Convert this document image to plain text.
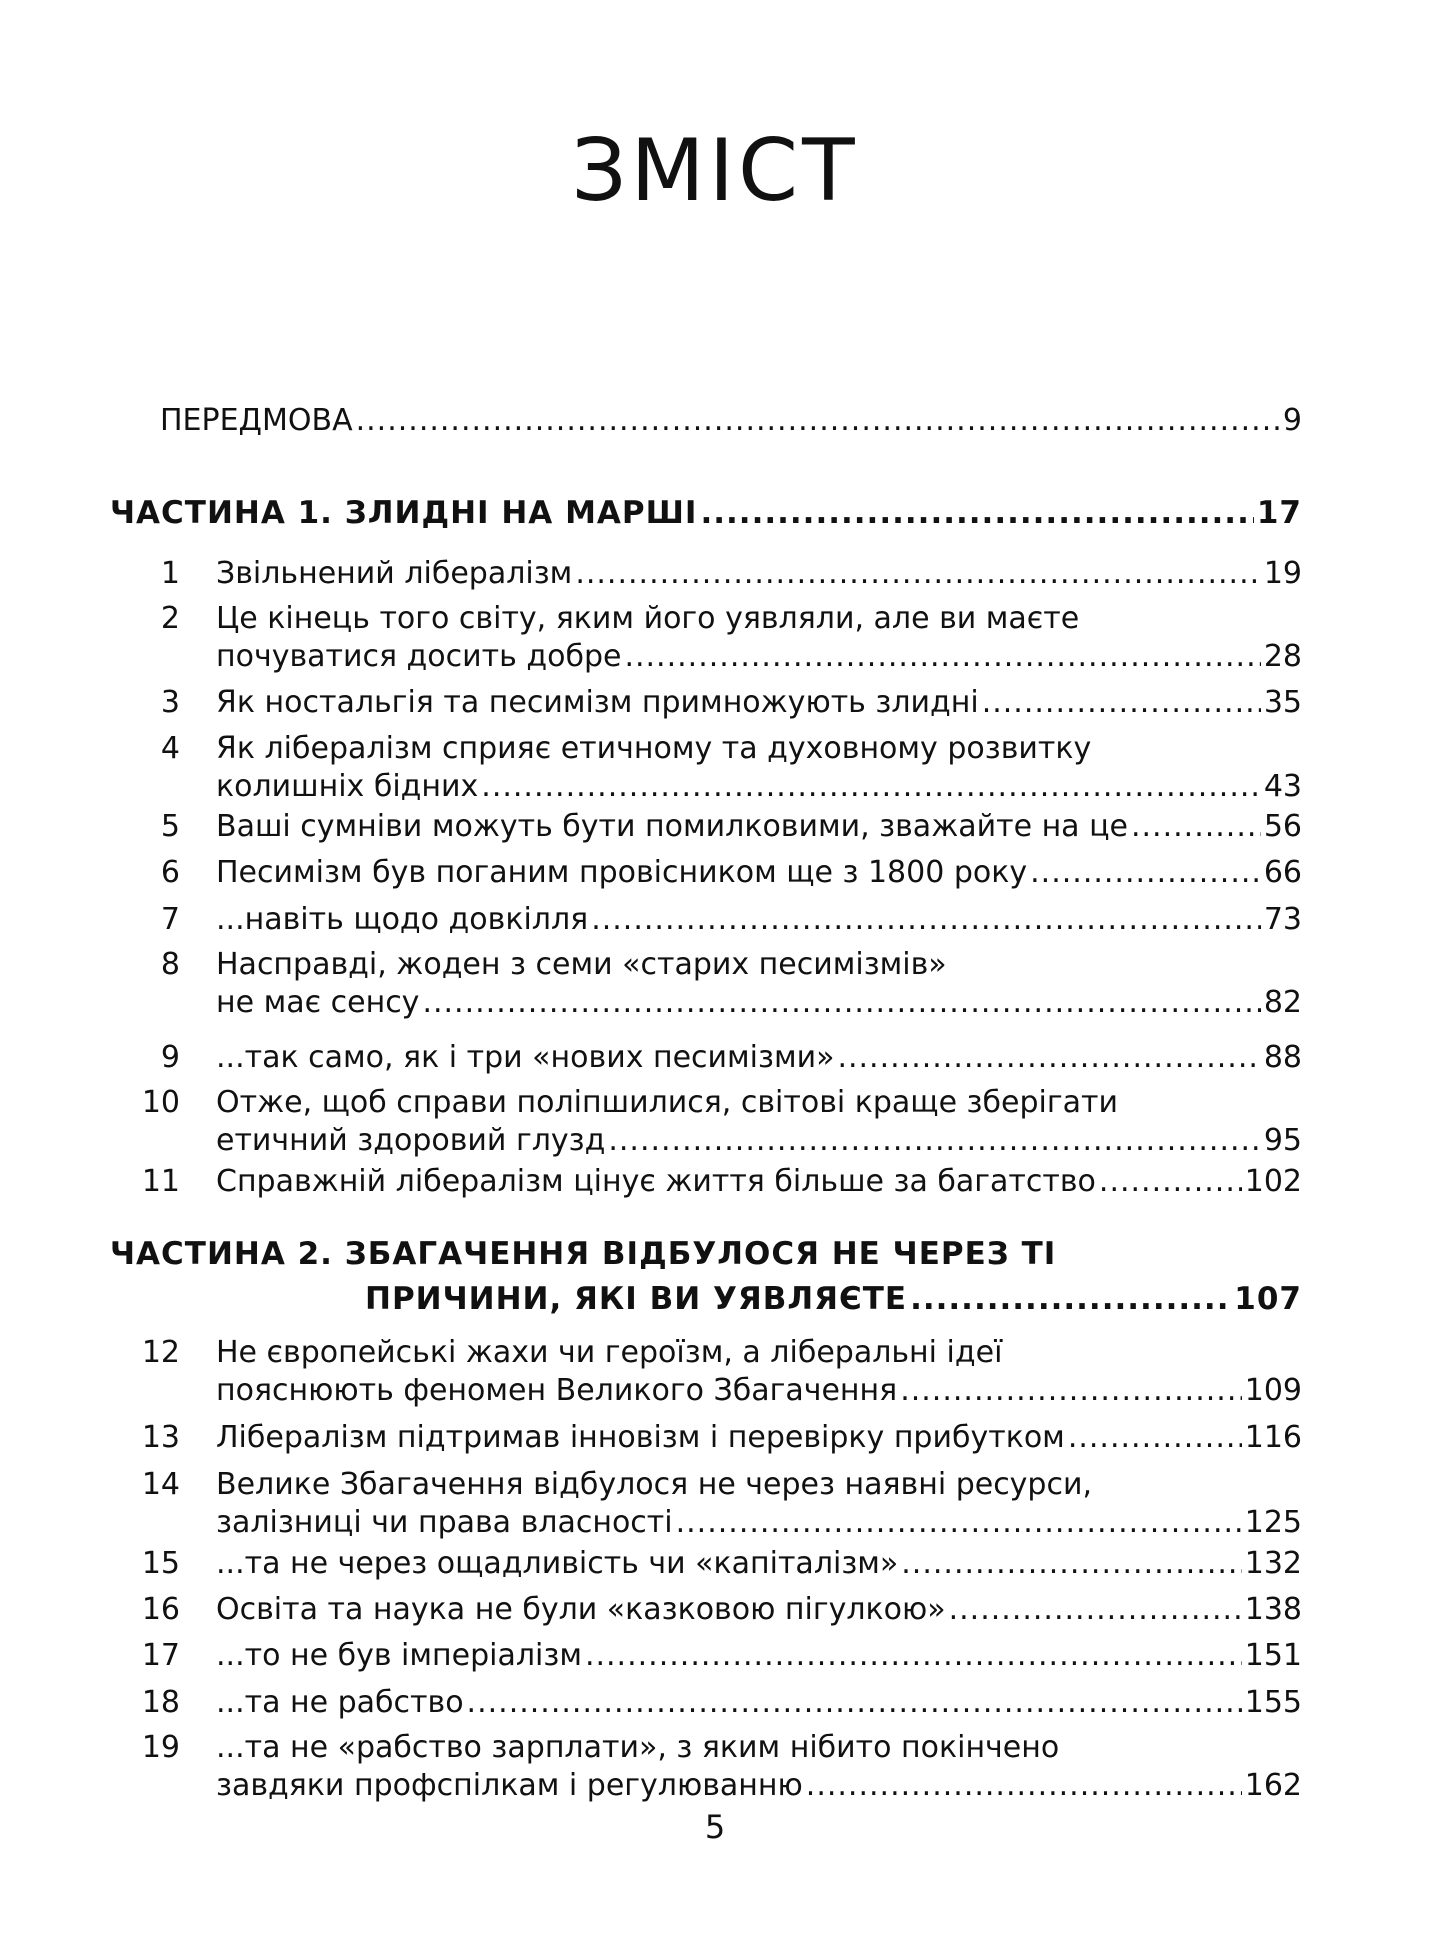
ЗМІСТ
ПЕРЕДМОВА .....	9
ЧАСТИНА 1. ЗЛИДНІ НА МАРШІ .....	17
1 Звільнений лібералізм .....	19
2 Це кінець того світу, яким його уявляли, але ви маєте
почуватися досить добре .....	28
3 Як ностальгія та песимізм примножують злидні .....	35
4 Як лібералізм сприяє етичному та духовному розвитку
колишніх бідних .....	43
5 Ваші сумніви можуть бути помилковими, зважайте на це .....	56
6 Песимізм був поганим провісником ще з 1800 року .....	66
7 ...навіть щодо довкілля .....	73
8 Насправді, жоден з семи «старих песимізмів»
не має сенсу .....	82
9 ...так само, як і три «нових песимізми» .....	88
10 Отже, щоб справи поліпшилися, світові краще зберігати
етичний здоровий глузд .....	95
11 Справжній лібералізм цінує життя більше за багатство .....	102
ЧАСТИНА 2. ЗБАГАЧЕННЯ ВІДБУЛОСЯ НЕ ЧЕРЕЗ ТІ
ПРИЧИНИ, ЯКІ ВИ УЯВЛЯЄТЕ .....	107
12 Не європейські жахи чи героїзм, а ліберальні ідеї
пояснюють феномен Великого Збагачення .....	109
13 Лібералізм підтримав інновізм і перевірку прибутком .....	116
14 Велике Збагачення відбулося не через наявні ресурси,
залізниці чи права власності .....	125
15 ...та не через ощадливість чи «капіталізм» .....	132
16 Освіта та наука не були «казковою пігулкою» .....	138
17 ...то не був імперіалізм .....	151
18 ...та не рабство .....	155
19 ...та не «рабство зарплати», з яким нібито покінчено
завдяки профспілкам і регулюванню .....	162
5
